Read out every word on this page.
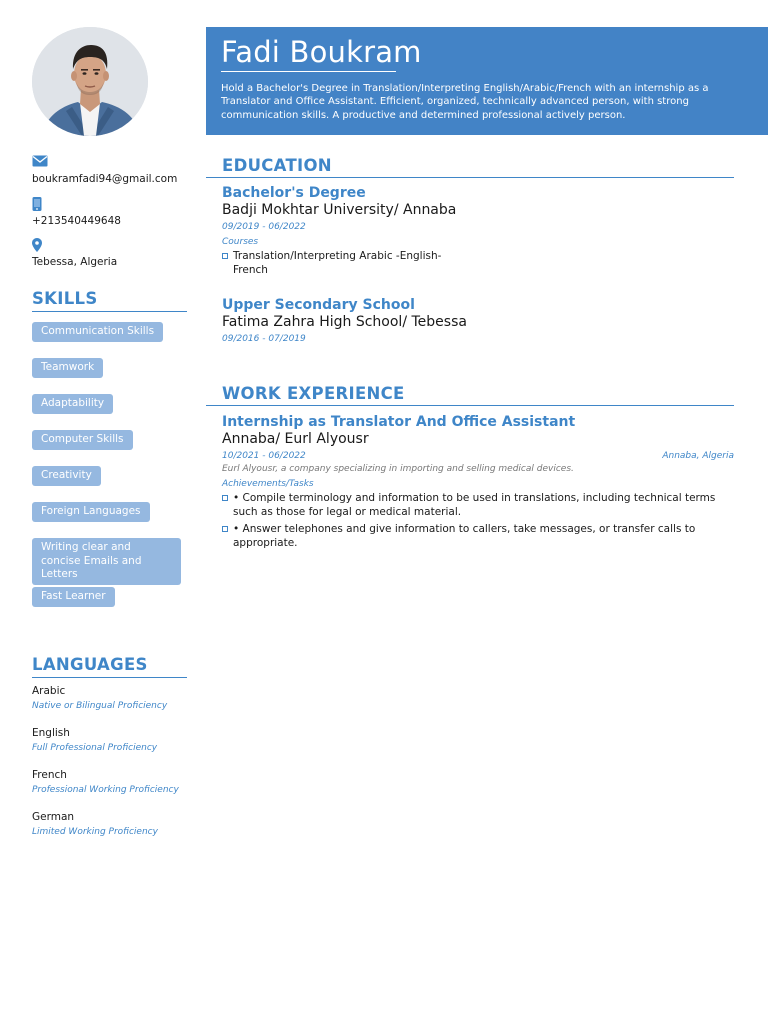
boukramfadi94@gmail.com
+213540449648
Tebessa, Algeria
SKILLS
Communication Skills
Teamwork
Adaptability
Computer Skills
Creativity
Foreign Languages
Writing clear and concise Emails and Letters
Fast Learner
LANGUAGES
Arabic
Native or Bilingual Proficiency
English
Full Professional Proficiency
French
Professional Working Proficiency
German
Limited Working Proficiency
Fadi Boukram
Hold a Bachelor's Degree in Translation/Interpreting English/Arabic/French with an internship as a Translator and Office Assistant. Efficient, organized, technically advanced person, with strong communication skills. A productive and determined professional actively person.
EDUCATION
Bachelor's Degree
Badji Mokhtar University/ Annaba
09/2019 - 06/2022
Courses
Translation/Interpreting Arabic -English-French
Upper Secondary School
Fatima Zahra High School/ Tebessa
09/2016 - 07/2019
WORK EXPERIENCE
Internship as Translator And Office Assistant
Annaba/ Eurl Alyousr
10/2021 - 06/2022	Annaba, Algeria
Eurl Alyousr, a company specializing in importing and selling medical devices.
Achievements/Tasks
• Compile terminology and information to be used in translations, including technical terms such as those for legal or medical material.
• Answer telephones and give information to callers, take messages, or transfer calls to appropriate.
